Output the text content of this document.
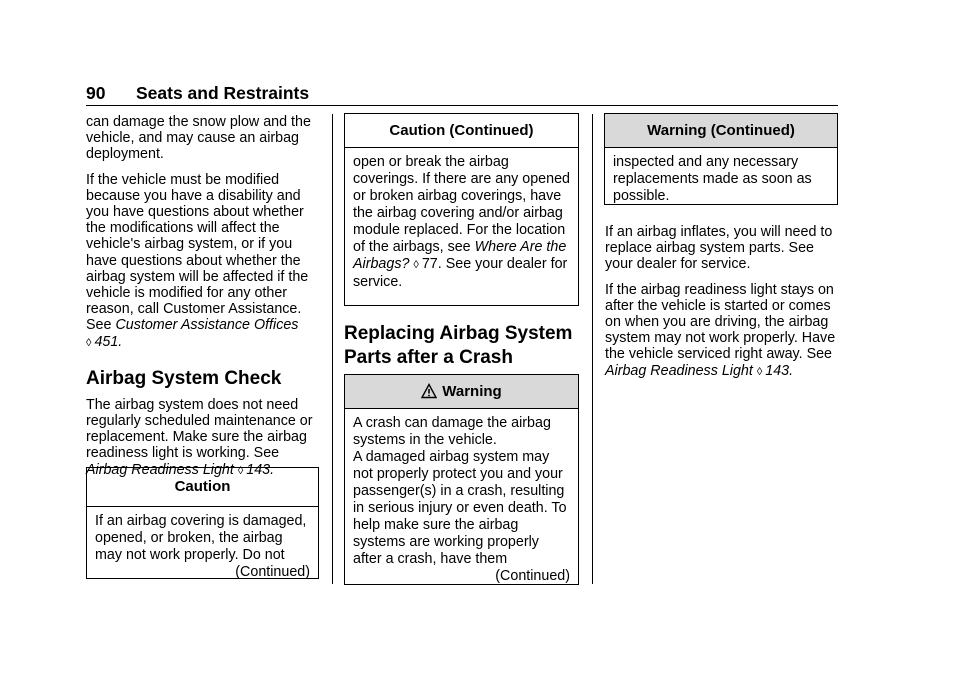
90 Seats and Restraints

can damage the snow plow and the vehicle, and may cause an airbag deployment.

If the vehicle must be modified because you have a disability and you have questions about whether the modifications will affect the vehicle's airbag system, or if you have questions about whether the airbag system will be affected if the vehicle is modified for any other reason, call Customer Assistance. See Customer Assistance Offices
◊ 451.

Airbag System Check

The airbag system does not need regularly scheduled maintenance or replacement. Make sure the airbag readiness light is working. See Airbag Readiness Light ◊ 143.

Caution

If an airbag covering is damaged, opened, or broken, the airbag may not work properly. Do not

(Continued)
Caution (Continued)

open or break the airbag coverings. If there are any opened or broken airbag coverings, have the airbag covering and/or airbag module replaced. For the location of the airbags, see Where Are the Airbags? ◊ 77. See your dealer for service.

Replacing Airbag System Parts after a Crash
Warning

A crash can damage the airbag systems in the vehicle.

A damaged airbag system may not properly protect you and your passenger(s) in a crash, resulting in serious injury or even death. To help make sure the airbag systems are working properly after a crash, have them

(Continued)
Warning (Continued)

inspected and any necessary replacements made as soon as possible.

If an airbag inflates, you will need to replace airbag system parts. See your dealer for service.

If the airbag readiness light stays on after the vehicle is started or comes on when you are driving, the airbag system may not work properly. Have the vehicle serviced right away. See Airbag Readiness Light ◊ 143.
